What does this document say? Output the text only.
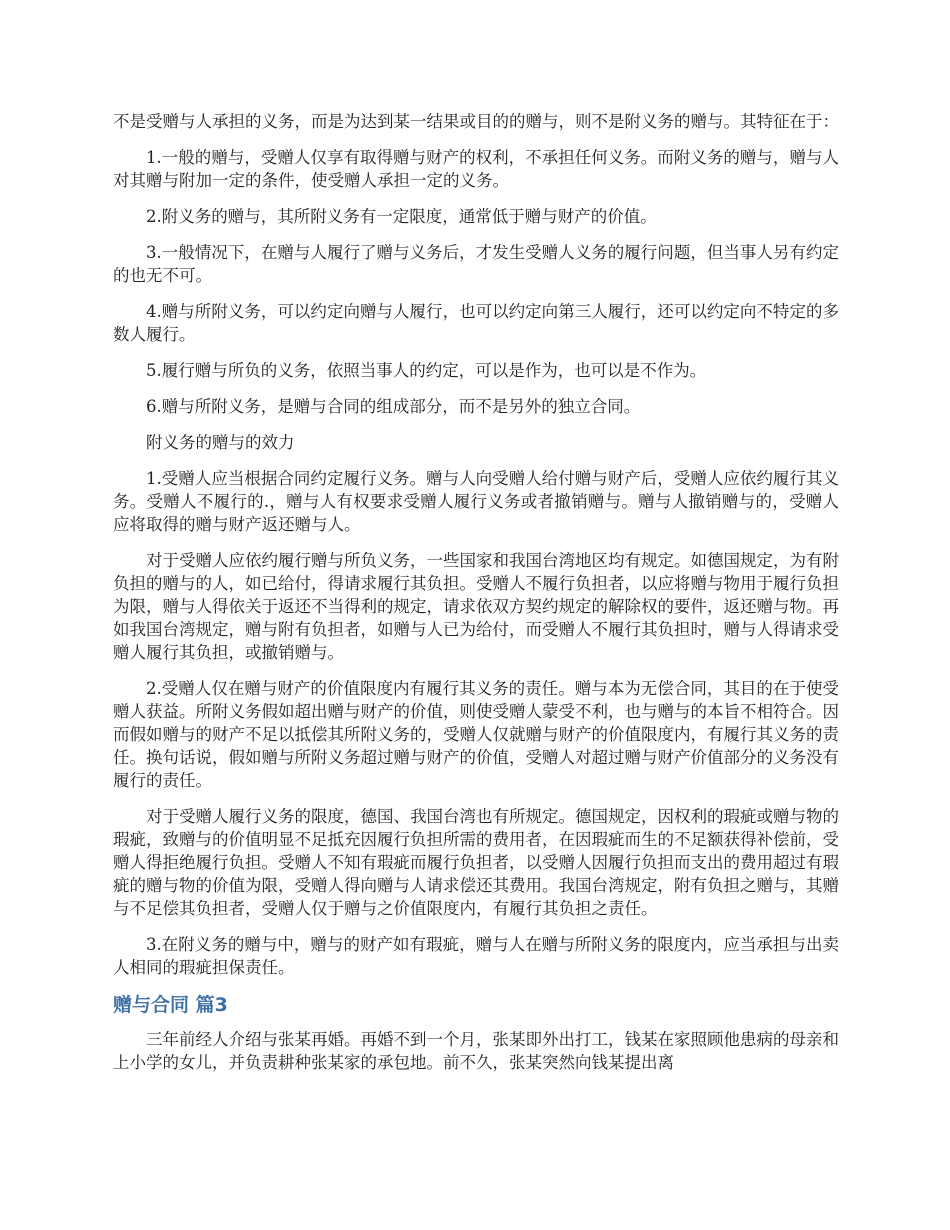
不是受赠与人承担的义务，而是为达到某一结果或目的的赠与，则不是附义务的赠与。其特征在于：

1.一般的赠与，受赠人仅享有取得赠与财产的权利，不承担任何义务。而附义务的赠与，赠与人对其赠与附加一定的条件，使受赠人承担一定的义务。

2.附义务的赠与，其所附义务有一定限度，通常低于赠与财产的价值。

3.一般情况下，在赠与人履行了赠与义务后，才发生受赠人义务的履行问题，但当事人另有约定的也无不可。

4.赠与所附义务，可以约定向赠与人履行，也可以约定向第三人履行，还可以约定向不特定的多数人履行。

5.履行赠与所负的义务，依照当事人的约定，可以是作为，也可以是不作为。

6.赠与所附义务，是赠与合同的组成部分，而不是另外的独立合同。

附义务的赠与的效力

1.受赠人应当根据合同约定履行义务。赠与人向受赠人给付赠与财产后，受赠人应依约履行其义务。受赠人不履行的.，赠与人有权要求受赠人履行义务或者撤销赠与。赠与人撤销赠与的，受赠人应将取得的赠与财产返还赠与人。

对于受赠人应依约履行赠与所负义务，一些国家和我国台湾地区均有规定。如德国规定，为有附负担的赠与的人，如已给付，得请求履行其负担。受赠人不履行负担者，以应将赠与物用于履行负担为限，赠与人得依关于返还不当得利的规定，请求依双方契约规定的解除权的要件，返还赠与物。再如我国台湾规定，赠与附有负担者，如赠与人已为给付，而受赠人不履行其负担时，赠与人得请求受赠人履行其负担，或撤销赠与。

2.受赠人仅在赠与财产的价值限度内有履行其义务的责任。赠与本为无偿合同，其目的在于使受赠人获益。所附义务假如超出赠与财产的价值，则使受赠人蒙受不利，也与赠与的本旨不相符合。因而假如赠与的财产不足以抵偿其所附义务的，受赠人仅就赠与财产的价值限度内，有履行其义务的责任。换句话说，假如赠与所附义务超过赠与财产的价值，受赠人对超过赠与财产价值部分的义务没有履行的责任。

对于受赠人履行义务的限度，德国、我国台湾也有所规定。德国规定，因权利的瑕疵或赠与物的瑕疵，致赠与的价值明显不足抵充因履行负担所需的费用者，在因瑕疵而生的不足额获得补偿前，受赠人得拒绝履行负担。受赠人不知有瑕疵而履行负担者，以受赠人因履行负担而支出的费用超过有瑕疵的赠与物的价值为限，受赠人得向赠与人请求偿还其费用。我国台湾规定，附有负担之赠与，其赠与不足偿其负担者，受赠人仅于赠与之价值限度内，有履行其负担之责任。

3.在附义务的赠与中，赠与的财产如有瑕疵，赠与人在赠与所附义务的限度内，应当承担与出卖人相同的瑕疵担保责任。

赠与合同 篇3

三年前经人介绍与张某再婚。再婚不到一个月，张某即外出打工，钱某在家照顾他患病的母亲和上小学的女儿，并负责耕种张某家的承包地。前不久，张某突然向钱某提出离
